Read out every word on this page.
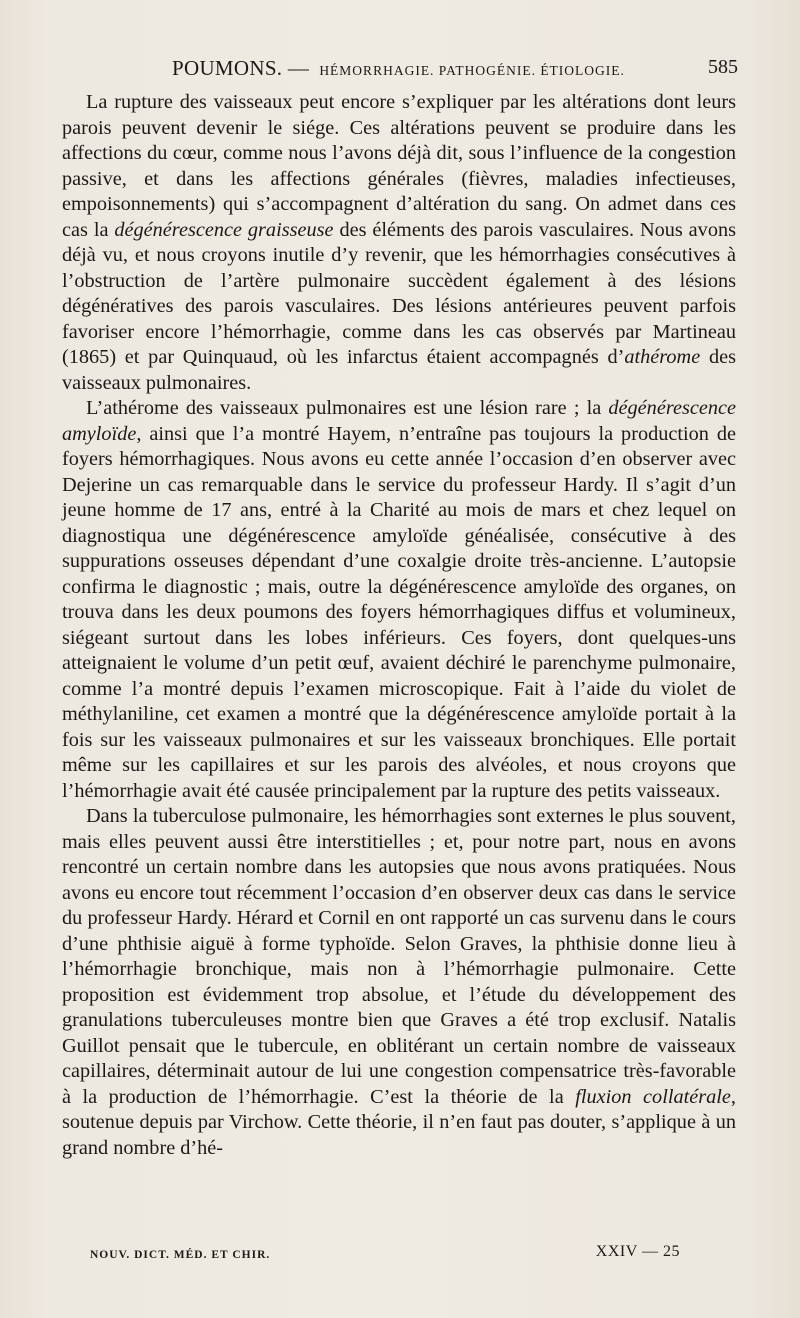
POUMONS. — HÉMORRHAGIE. PATHOGÉNIE. ÉTIOLOGIE.	585

La rupture des vaisseaux peut encore s’expliquer par les altérations dont leurs parois peuvent devenir le siége. Ces altérations peuvent se produire dans les affections du cœur, comme nous l’avons déjà dit, sous l’influence de la congestion passive, et dans les affections générales (fièvres, maladies infectieuses, empoisonnements) qui s’accompagnent d’altération du sang. On admet dans ces cas la dégénérescence graisseuse des éléments des parois vasculaires. Nous avons déjà vu, et nous croyons inutile d’y revenir, que les hémorrhagies consécutives à l’obstruction de l’artère pulmonaire succèdent également à des lésions dégénératives des parois vasculaires. Des lésions antérieures peuvent parfois favoriser encore l’hémorrhagie, comme dans les cas observés par Martineau (1865) et par Quinquaud, où les infarctus étaient accompagnés d’athérome des vaisseaux pulmonaires.

L’athérome des vaisseaux pulmonaires est une lésion rare ; la dégénérescence amyloïde, ainsi que l’a montré Hayem, n’entraîne pas toujours la production de foyers hémorrhagiques. Nous avons eu cette année l’occasion d’en observer avec Dejerine un cas remarquable dans le service du professeur Hardy. Il s’agit d’un jeune homme de 17 ans, entré à la Charité au mois de mars et chez lequel on diagnostiqua une dégénérescence amyloïde généalisée, consécutive à des suppurations osseuses dépendant d’une coxalgie droite très-ancienne. L’autopsie confirma le diagnostic ; mais, outre la dégénérescence amyloïde des organes, on trouva dans les deux poumons des foyers hémorrhagiques diffus et volumineux, siégeant surtout dans les lobes inférieurs. Ces foyers, dont quelques-uns atteignaient le volume d’un petit œuf, avaient déchiré le parenchyme pulmonaire, comme l’a montré depuis l’examen microscopique. Fait à l’aide du violet de méthylaniline, cet examen a montré que la dégénérescence amyloïde portait à la fois sur les vaisseaux pulmonaires et sur les vaisseaux bronchiques. Elle portait même sur les capillaires et sur les parois des alvéoles, et nous croyons que l’hémorrhagie avait été causée principalement par la rupture des petits vaisseaux.

Dans la tuberculose pulmonaire, les hémorrhagies sont externes le plus souvent, mais elles peuvent aussi être interstitielles ; et, pour notre part, nous en avons rencontré un certain nombre dans les autopsies que nous avons pratiquées. Nous avons eu encore tout récemment l’occasion d’en observer deux cas dans le service du professeur Hardy. Hérard et Cornil en ont rapporté un cas survenu dans le cours d’une phthisie aiguë à forme typhoïde. Selon Graves, la phthisie donne lieu à l’hémorrhagie bronchique, mais non à l’hémorrhagie pulmonaire. Cette proposition est évidemment trop absolue, et l’étude du développement des granulations tuberculeuses montre bien que Graves a été trop exclusif. Natalis Guillot pensait que le tubercule, en oblitérant un certain nombre de vaisseaux capillaires, déterminait autour de lui une congestion compensatrice très-favorable à la production de l’hémorrhagie. C’est la théorie de la fluxion collatérale, soutenue depuis par Virchow. Cette théorie, il n’en faut pas douter, s’applique à un grand nombre d’hé-

NOUV. DICT. MÉD. ET CHIR.	XXIV — 25
